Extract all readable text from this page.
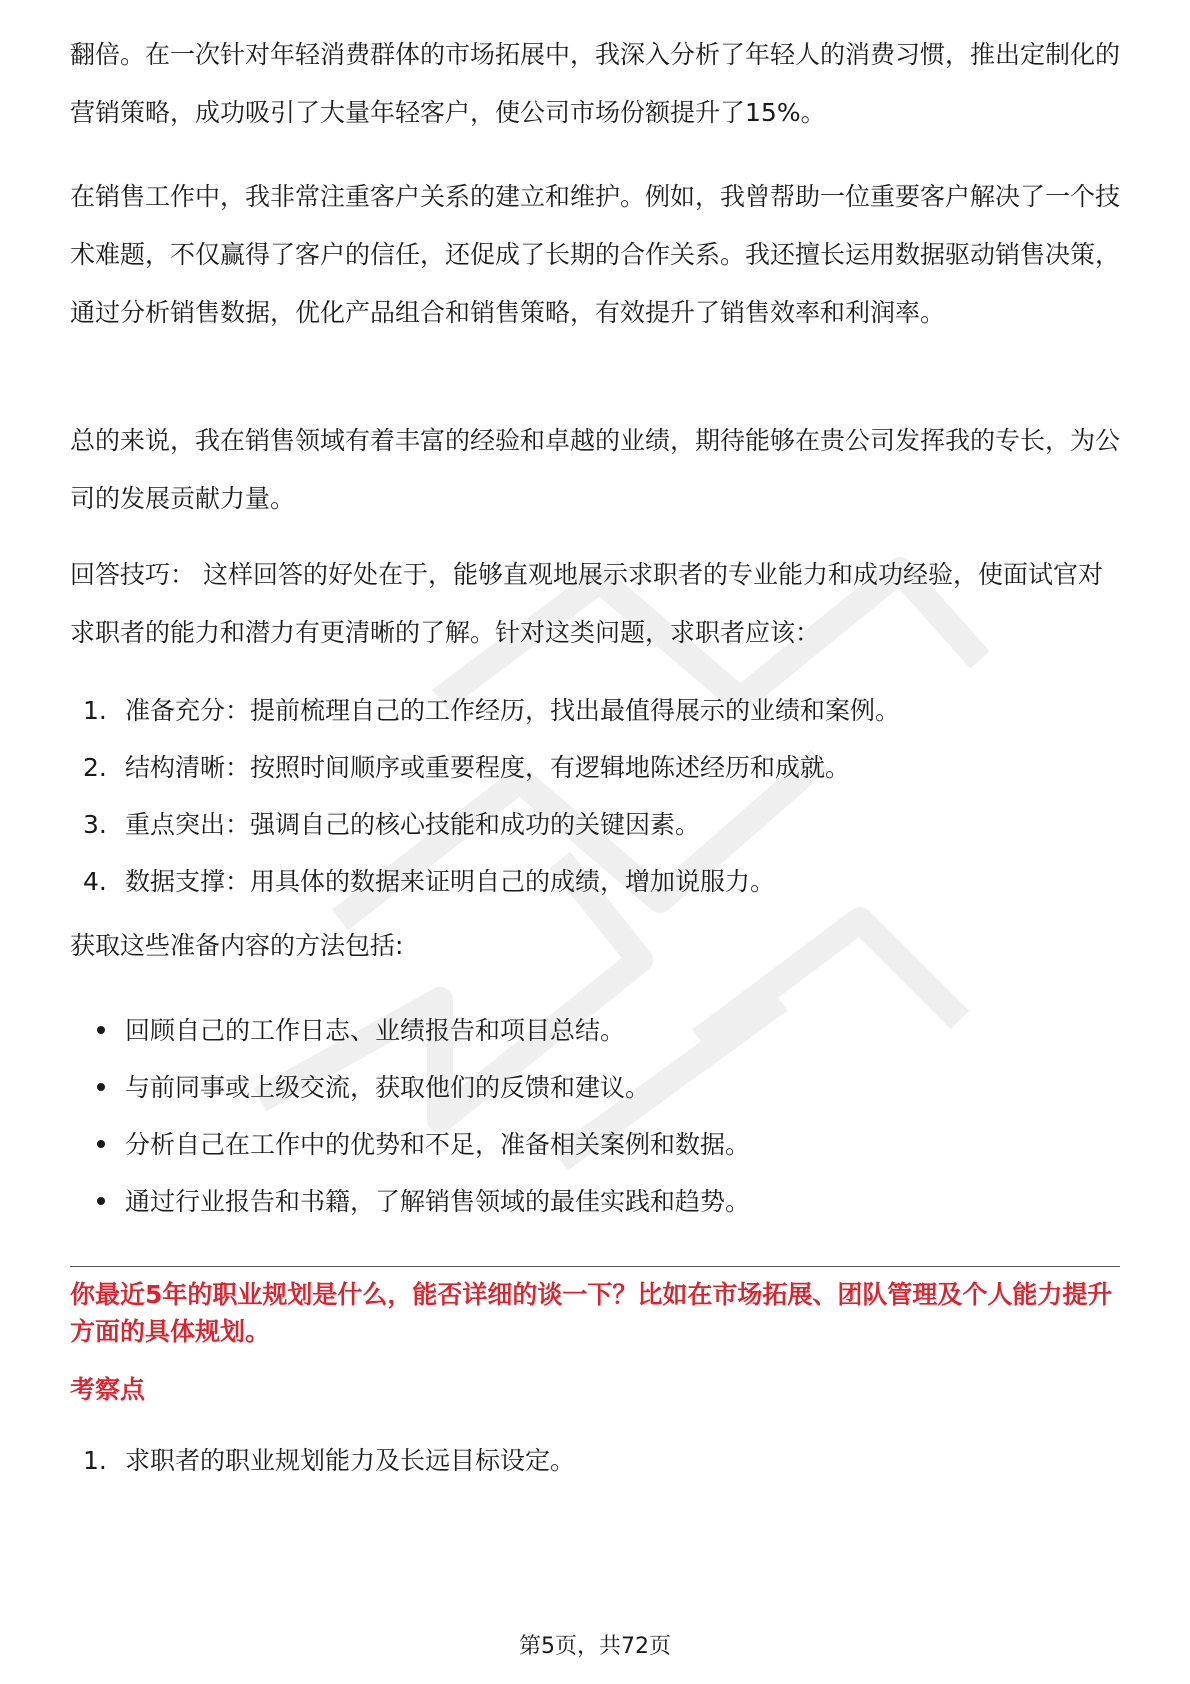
翻倍。在一次针对年轻消费群体的市场拓展中，我深入分析了年轻人的消费习惯，推出定制化的营销策略，成功吸引了大量年轻客户，使公司市场份额提升了15%。

在销售工作中，我非常注重客户关系的建立和维护。例如，我曾帮助一位重要客户解决了一个技术难题，不仅赢得了客户的信任，还促成了长期的合作关系。我还擅长运用数据驱动销售决策，通过分析销售数据，优化产品组合和销售策略，有效提升了销售效率和利润率。

总的来说，我在销售领域有着丰富的经验和卓越的业绩，期待能够在贵公司发挥我的专长，为公司的发展贡献力量。

回答技巧： 这样回答的好处在于，能够直观地展示求职者的专业能力和成功经验，使面试官对求职者的能力和潜力有更清晰的了解。针对这类问题，求职者应该：

1. 准备充分：提前梳理自己的工作经历，找出最值得展示的业绩和案例。
2. 结构清晰：按照时间顺序或重要程度，有逻辑地陈述经历和成就。
3. 重点突出：强调自己的核心技能和成功的关键因素。
4. 数据支撑：用具体的数据来证明自己的成绩，增加说服力。

获取这些准备内容的方法包括:

回顾自己的工作日志、业绩报告和项目总结。
与前同事或上级交流，获取他们的反馈和建议。
分析自己在工作中的优势和不足，准备相关案例和数据。
通过行业报告和书籍，了解销售领域的最佳实践和趋势。

你最近5年的职业规划是什么，能否详细的谈一下？比如在市场拓展、团队管理及个人能力提升方面的具体规划。

考察点

1. 求职者的职业规划能力及长远目标设定。
第5页，共72页
